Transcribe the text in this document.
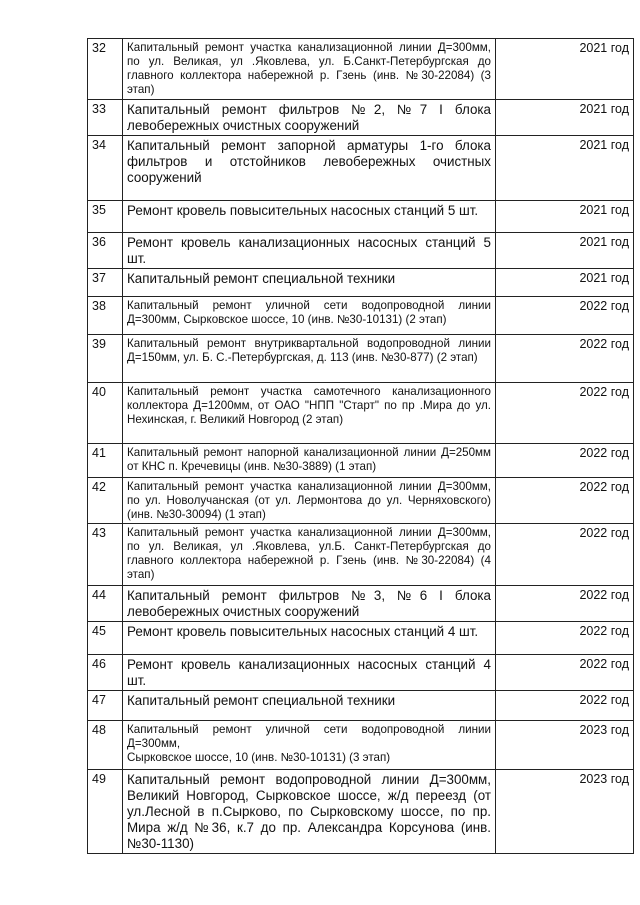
32	Капитальный ремонт участка канализационной линии Д=300мм, по ул. Великая, ул .Яковлева, ул. Б.Санкт-Петербургская до главного коллектора набережной р. Гзень (инв. №30-22084) (3 этап)	2021 год
33	Капитальный ремонт фильтров №2, №7 I блока левобережных очистных сооружений	2021 год
34	Капитальный ремонт запорной арматуры 1-го блока фильтров и отстойников левобережных очистных сооружений	2021 год
35	Ремонт кровель повысительных насосных станций 5 шт.	2021 год
36	Ремонт кровель канализационных насосных станций 5 шт.	2021 год
37	Капитальный ремонт специальной техники	2021 год
38	Капитальный ремонт уличной сети водопроводной линии Д=300мм, Сырковское шоссе, 10 (инв. №30-10131) (2 этап)	2022 год
39	Капитальный ремонт внутриквартальной водопроводной линии Д=150мм, ул. Б. С.-Петербургская, д. 113 (инв. №30-877) (2 этап)	2022 год
40	Капитальный ремонт участка самотечного канализационного коллектора Д=1200мм, от ОАО "НПП "Старт" по пр .Мира до ул. Нехинская, г. Великий Новгород (2 этап)	2022 год
41	Капитальный ремонт напорной канализационной линии Д=250мм от КНС п. Кречевицы (инв. №30-3889) (1 этап)	2022 год
42	Капитальный ремонт участка канализационной линии Д=300мм, по ул. Новолучанская (от ул. Лермонтова до ул. Черняховского) (инв. №30-30094) (1 этап)	2022 год
43	Капитальный ремонт участка канализационной линии Д=300мм, по ул. Великая, ул .Яковлева, ул.Б. Санкт-Петербургская до главного коллектора набережной р. Гзень (инв. №30-22084) (4 этап)	2022 год
44	Капитальный ремонт фильтров №3, №6 I блока левобережных очистных сооружений	2022 год
45	Ремонт кровель повысительных насосных станций 4 шт.	2022 год
46	Ремонт кровель канализационных насосных станций 4 шт.	2022 год
47	Капитальный ремонт специальной техники	2022 год
48	Капитальный ремонт уличной сети водопроводной линии Д=300мм,
Сырковское шоссе, 10 (инв. №30-10131) (3 этап)	2023 год
49	Капитальный ремонт водопроводной линии Д=300мм, Великий Новгород, Сырковское шоссе, ж/д переезд (от ул.Лесной в п.Сырково, по Сырковскому шоссе, по пр. Мира ж/д №36, к.7 до пр. Александра Корсунова (инв. №30-1130)	2023 год
